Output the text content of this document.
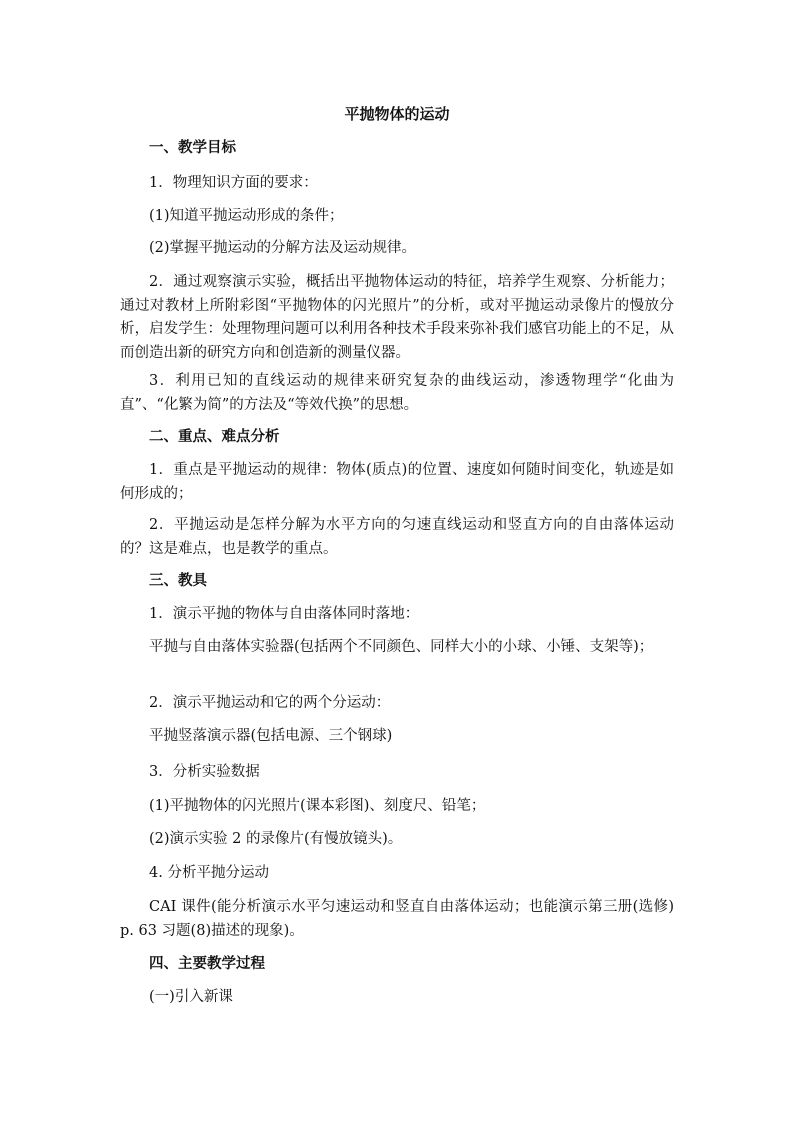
平抛物体的运动

一、教学目标

1．物理知识方面的要求：

(1)知道平抛运动形成的条件；

(2)掌握平抛运动的分解方法及运动规律。

2．通过观察演示实验，概括出平抛物体运动的特征，培养学生观察、分析能力；通过对教材上所附彩图“平抛物体的闪光照片”的分析，或对平抛运动录像片的慢放分析，启发学生：处理物理问题可以利用各种技术手段来弥补我们感官功能上的不足，从而创造出新的研究方向和创造新的测量仪器。

3．利用已知的直线运动的规律来研究复杂的曲线运动，渗透物理学“化曲为直”、“化繁为简”的方法及“等效代换”的思想。

二、重点、难点分析

1．重点是平抛运动的规律：物体(质点)的位置、速度如何随时间变化，轨迹是如何形成的；

2．平抛运动是怎样分解为水平方向的匀速直线运动和竖直方向的自由落体运动的？这是难点，也是教学的重点。

三、教具

1．演示平抛的物体与自由落体同时落地：

平抛与自由落体实验器(包括两个不同颜色、同样大小的小球、小锤、支架等)；

2．演示平抛运动和它的两个分运动：

平抛竖落演示器(包括电源、三个钢球)

3．分析实验数据

(1)平抛物体的闪光照片(课本彩图)、刻度尺、铅笔；

(2)演示实验 2 的录像片(有慢放镜头)。

4. 分析平抛分运动

CAI 课件(能分析演示水平匀速运动和竖直自由落体运动；也能演示第三册(选修) p. 63 习题(8)描述的现象)。

四、主要教学过程

(一)引入新课
